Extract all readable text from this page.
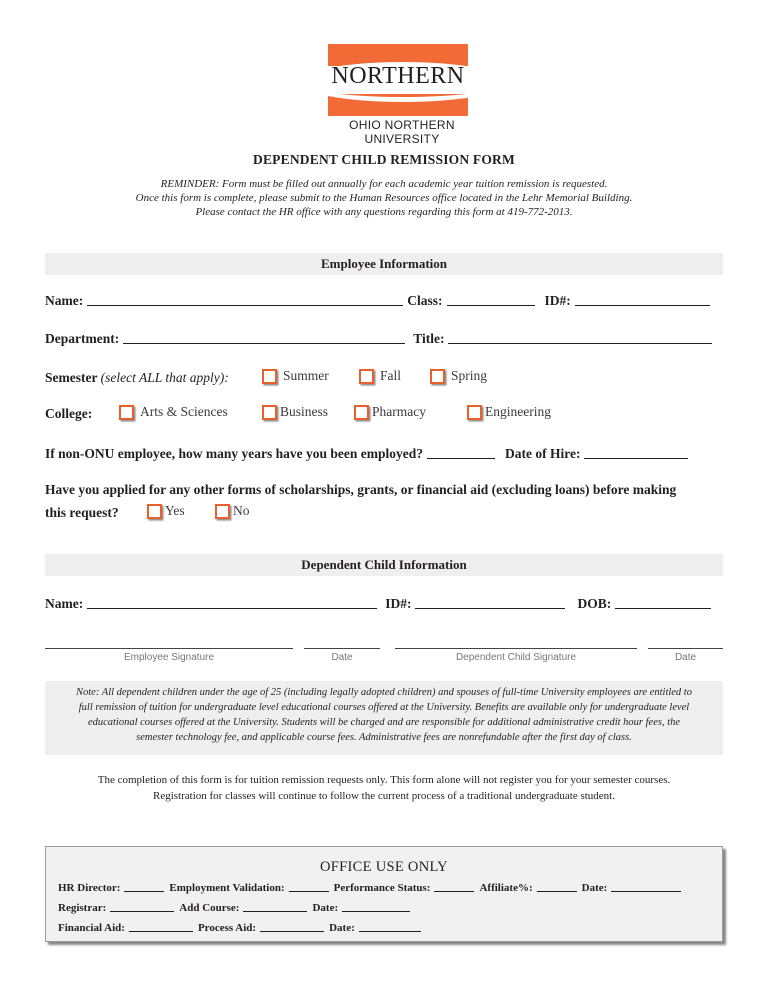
NORTHERN
OHIO NORTHERN UNIVERSITY
DEPENDENT CHILD REMISSION FORM
REMINDER: Form must be filled out annually for each academic year tuition remission is requested.
Once this form is complete, please submit to the Human Resources office located in the Lehr Memorial Building.
Please contact the HR office with any questions regarding this form at 419-772-2013.
Employee Information
Name:	Class:	ID#:
Department:	Title:
Semester (select ALL that apply):	Summer	Fall	Spring
College:	Arts & Sciences	Business	Pharmacy	Engineering
If non-ONU employee, how many years have you been employed?	Date of Hire:
Have you applied for any other forms of scholarships, grants, or financial aid (excluding loans) before making
this request?	Yes	No
Dependent Child Information
Name:	ID#:	DOB:
Employee Signature	Date	Dependent Child Signature	Date
Note: All dependent children under the age of 25 (including legally adopted children) and spouses of full-time University employees are entitled to
full remission of tuition for undergraduate level educational courses offered at the University. Benefits are available only for undergraduate level
educational courses offered at the University. Students will be charged and are responsible for additional administrative credit hour fees, the
semester technology fee, and applicable course fees. Administrative fees are nonrefundable after the first day of class.
The completion of this form is for tuition remission requests only. This form alone will not register you for your semester courses.
Registration for classes will continue to follow the current process of a traditional undergraduate student.
OFFICE USE ONLY
HR Director:	Employment Validation:	Performance Status:	Affiliate%:	Date:
Registrar:	Add Course:	Date:
Financial Aid:	Process Aid:	Date:
